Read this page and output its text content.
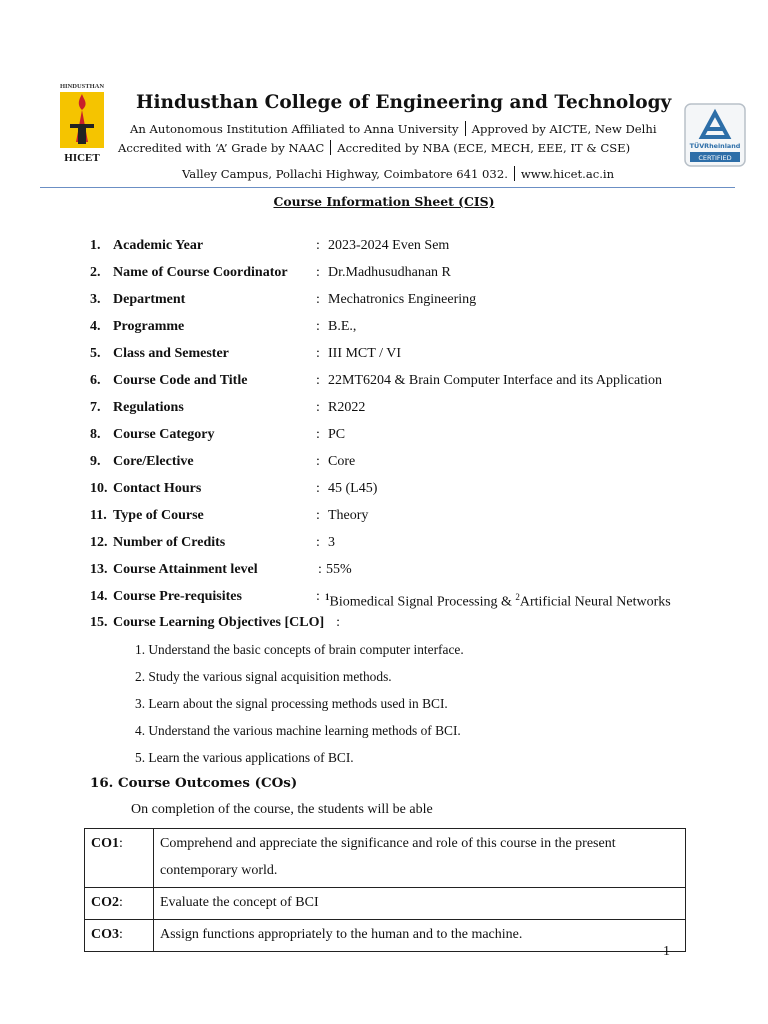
HINDUSTHAN
HICET
Hindusthan College of Engineering and Technology
An Autonomous Institution Affiliated to Anna University Approved by AICTE, New Delhi
Accredited with ‘A’ Grade by NAAC Accredited by NBA (ECE, MECH, EEE, IT & CSE)
Valley Campus, Pollachi Highway, Coimbatore 641 032. www.hicet.ac.in
TÜVRheinland
CERTIFIED
Course Information Sheet (CIS)
1. Academic Year	: 2023-2024 Even Sem
2. Name of Course Coordinator : Dr.Madhusudhanan R
3. Department	: Mechatronics Engineering
4. Programme	: B.E.,
5. Class and Semester	: III MCT / VI
6. Course Code and Title	: 22MT6204 & Brain Computer Interface and its Application
7. Regulations	: R2022
8. Course Category	: PC
9. Core/Elective	: Core
10. Contact Hours	: 45 (L45)
11. Type of Course	: Theory
12. Number of Credits	: 3
13. Course Attainment level	: 55%
14. Course Pre-requisites	: $^1$Biomedical Signal Processing & $^2$Artificial Neural Networks
15. Course Learning Objectives [CLO] :
1. Understand the basic concepts of brain computer interface.
2. Study the various signal acquisition methods.
3. Learn about the signal processing methods used in BCI.
4. Understand the various machine learning methods of BCI.
5. Learn the various applications of BCI.
16. Course Outcomes (COs)
On completion of the course, the students will be able
CO1:	Comprehend and appreciate the significance and role of this course in the present contemporary world.
CO2:	Evaluate the concept of BCI
CO3:	Assign functions appropriately to the human and to the machine.
1
